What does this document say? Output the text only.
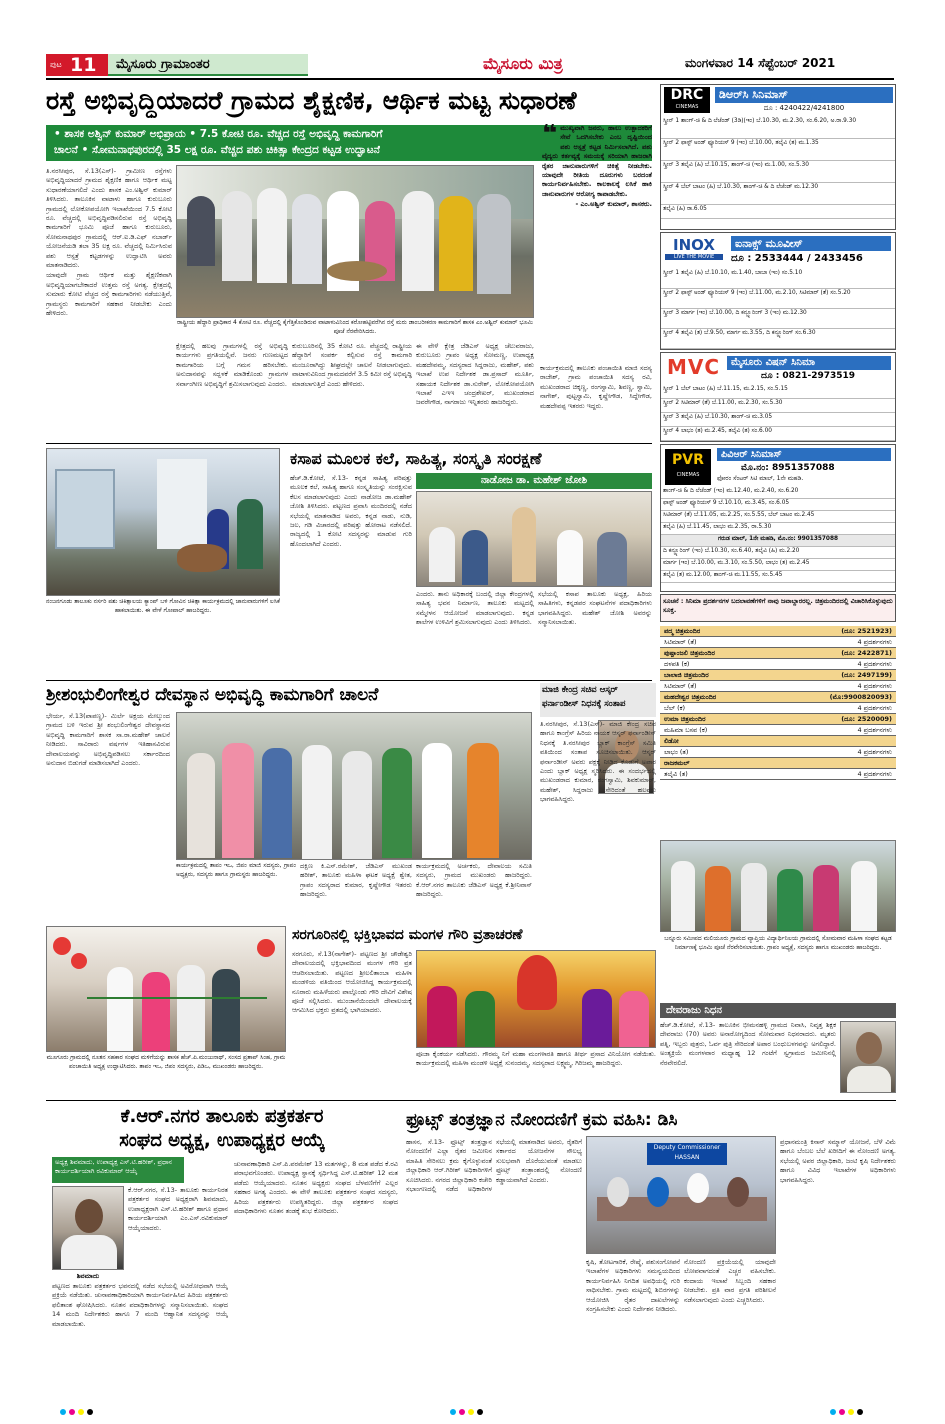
ಪುಟ 11 ಮೈಸೂರು ಗ್ರಾಮಾಂತರ	ಮೈಸೂರು ಮಿತ್ರ	ಮಂಗಳವಾರ 14 ಸೆಪ್ಟೆಂಬರ್ 2021
ರಸ್ತೆ ಅಭಿವೃದ್ಧಿಯಾದರೆ ಗ್ರಾಮದ ಶೈಕ್ಷಣಿಕ, ಆರ್ಥಿಕ ಮಟ್ಟ ಸುಧಾರಣೆ
• ಶಾಸಕ ಅಶ್ವಿನ್ ಕುಮಾರ್ ಅಭಿಪ್ರಾಯ • 7.5 ಕೋಟಿ ರೂ. ವೆಚ್ಚದ ರಸ್ತೆ ಅಭಿವೃದ್ಧಿ ಕಾಮಗಾರಿಗೆ
ಚಾಲನೆ • ಸೋಮನಾಥಪುರದಲ್ಲಿ 35 ಲಕ್ಷ ರೂ. ವೆಚ್ಚದ ಪಶು ಚಿಕಿತ್ಸಾ ಕೇಂದ್ರದ ಕಟ್ಟಡ ಉದ್ಘಾಟನೆ

ತಿ.ನರಸೀಪುರ, ಸೆ.13(ಎಸ್)- ಗ್ರಾಮೀಣ ರಸ್ತೆಗಳು ಅಭಿವೃದ್ಧಿಯಾದರೆ ಗ್ರಾಮದ ಶೈಕ್ಷಣಿಕ ಹಾಗೂ ಆರ್ಥಿಕ ಮಟ್ಟ ಸುಧಾರಣೆಯಾಗಲಿದೆ ಎಂದು ಶಾಸಕ ಎಂ.ಅಶ್ವಿನ್ ಕುಮಾರ್ ತಿಳಿಸಿದರು. ತಾಲೂಕಿನ ವಾಟಾಳು ಹಾಗೂ ಕುರುಬೂರು ಗ್ರಾಮದಲ್ಲಿ ಲೋಕೋಪಯೋಗಿ ಇಲಾಖೆಯಿಂದ 7.5 ಕೋಟಿ ರೂ. ವೆಚ್ಚದಲ್ಲಿ ಅಭಿವೃದ್ಧಿಪಡಿಸಲಿರುವ ರಸ್ತೆ ಅಭಿವೃದ್ಧಿ ಕಾಮಗಾರಿಗೆ ಭೂಮಿ ಪೂಜೆ ಹಾಗೂ ಕುರುಬೂರು, ಸೋಮನಾಥಪುರ ಗ್ರಾಮದಲ್ಲಿ ಆರ್.ಐ.ಡಿ.ಎಫ್ ನಬಾರ್ಡ್ ಯೋಜನೆಯಡಿ ತಲಾ 35 ಲಕ್ಷ ರೂ. ವೆಚ್ಚದಲ್ಲಿ ನಿರ್ಮಿಸಿರುವ ಪಶು ಆಸ್ಪತ್ರೆ ಕಟ್ಟಡಗಳನ್ನು ಉದ್ಘಾಟಿಸಿ ಅವರು ಮಾತನಾಡಿದರು.

ಯಾವುದೇ ಗ್ರಾಮ ಆರ್ಥಿಕ ಮತ್ತು ಶೈಕ್ಷಣಿಕವಾಗಿ ಅಭಿವೃದ್ಧಿಯಾಗಬೇಕಾದರೆ ಉತ್ತಮ ರಸ್ತೆ ಅಗತ್ಯ. ಕ್ಷೇತ್ರದಲ್ಲಿ ಸುಮಾರು ಕೋಟಿ ವೆಚ್ಚದ ರಸ್ತೆ ಕಾಮಗಾರಿಗಳು ನಡೆಯುತ್ತಿವೆ, ಗ್ರಾಮಸ್ಥರು ಕಾಮಗಾರಿಗೆ ಸಹಕಾರ ನೀಡಬೇಕು ಎಂದು ಹೇಳಿದರು.

ರಾಷ್ಟ್ರೀಯ ಹೆದ್ದಾರಿ ಪ್ರಾಧಿಕಾರ 4 ಕೋಟಿ ರೂ. ವೆಚ್ಚದಲ್ಲಿ ಕೈಗೆತ್ತಿಕೊಂಡಿರುವ ವಾಟಾಳುವಿನಿಂದ ಕರೋಹಟ್ಟಿವರೆಗಿನ ರಸ್ತೆ ಮರು ಡಾಂಬರೀಕರಣ ಕಾಮಗಾರಿಗೆ ಶಾಸಕ ಎಂ.ಅಶ್ವಿನ್ ಕುಮಾರ್ ಭೂಮಿ ಪೂಜೆ ನೆರವೇರಿಸಿದರು.
❝ ಮುಖ್ಯವಾಗಿ ಜನರು, ಹಾಲು ಉತ್ಪಾದಕರಿಗೆ ಸೇವೆ ಒದಗಿಸಬೇಕು ಎಂಬ ದೃಷ್ಟಿಯಿಂದ ಪಶು ಆಸ್ಪತ್ರೆ ಕಟ್ಟಡ ನಿರ್ಮಿಸಲಾಗಿದೆ. ಪಶು ವೈದ್ಯರು ಕರ್ತವ್ಯಕ್ಕೆ ಸಮಯಕ್ಕೆ ಸರಿಯಾಗಿ ಹಾಜರಾಗಿ ರೈತರ ಜಾನುವಾರುಗಳಿಗೆ ಚಿಕಿತ್ಸೆ ನೀಡಬೇಕು. ಯಾವುದೇ ರೀತಿಯ ದೂರುಗಳು ಬರದಂತೆ ಕಾರ್ಯನಿರ್ವಹಿಸಬೇಕು. ಕಾಲಕಾಲಕ್ಕೆ ಲಸಿಕೆ ಹಾಕಿ ಜಾನುವಾರುಗಳ ಆರೋಗ್ಯ ಕಾಪಾಡಬೇಕು.

- ಎಂ.ಅಶ್ವಿನ್ ಕುಮಾರ್, ಶಾಸಕರು.

ಕ್ಷೇತ್ರದಲ್ಲಿ ಹಲವು ಗ್ರಾಮಗಳಲ್ಲಿ ರಸ್ತೆ ಅಭಿವೃದ್ಧಿ ಕಾರ್ಯಗಳು ಪ್ರಗತಿಯಲ್ಲಿವೆ. ಜನರು ಗುಣಮಟ್ಟದ ಕಾಮಗಾರಿಯ ಬಗ್ಗೆ ಗಮನ ಹರಿಸಬೇಕು. ಅನುದಾನವನ್ನು ಸದ್ಬಳಕೆ ಮಾಡಿಕೊಂಡು ಗ್ರಾಮಗಳ ಸರ್ವಾಂಗೀಣ ಅಭಿವೃದ್ಧಿಗೆ ಶ್ರಮಿಸಲಾಗುವುದು ಎಂದರು.
ಕುರುಬೂರಿನಲ್ಲಿ 35 ಕೋಟಿ ರೂ. ವೆಚ್ಚದಲ್ಲಿ ರಾಷ್ಟ್ರೀಯ ಹೆದ್ದಾರಿಗೆ ಸಂಪರ್ಕ ಕಲ್ಪಿಸುವ ರಸ್ತೆ ಕಾಮಗಾರಿ ಮಂಜೂರಾಗಿದ್ದು ಶೀಘ್ರದಲ್ಲೇ ಚಾಲನೆ ನೀಡಲಾಗುವುದು. ವಾಟಾಳುವಿನಿಂದ ಗ್ರಾಮದವರೆಗೆ 3.5 ಕಿಮೀ ರಸ್ತೆ ಅಭಿವೃದ್ಧಿ ಮಾಡಲಾಗುತ್ತಿದೆ ಎಂದು ಹೇಳಿದರು.
ಈ ವೇಳೆ ಕ್ಷೇತ್ರ ಜೆಡಿಎಸ್ ಅಧ್ಯಕ್ಷ ಚೆಲುವರಾಜು, ಕುರುಬೂರು ಗ್ರಾಪಂ ಅಧ್ಯಕ್ಷ ಸೋಮಣ್ಣ, ಉಪಾಧ್ಯಕ್ಷ ಮಹದೇವಮ್ಮ, ಸದಸ್ಯರಾದ ಸಿದ್ದರಾಜು, ಮಹೇಶ್, ಪಶು ಇಲಾಖೆ ಉಪ ನಿರ್ದೇಶಕ ಡಾ.ಪ್ರಸಾದ್ ಮೂರ್ತಿ, ಸಹಾಯಕ ನಿರ್ದೇಶಕ ಡಾ.ಸುರೇಶ್, ಲೋಕೋಪಯೋಗಿ ಇಲಾಖೆ ಎಇಇ ಚಂದ್ರಶೇಖರ್, ಮುಖಂಡರಾದ ಜವರೇಗೌಡ, ನಾಗರಾಜು ಇನ್ನಿತರರು ಹಾಜರಿದ್ದರು.
ಕಾರ್ಯಕ್ರಮದಲ್ಲಿ ತಾಲೂಕು ಪಂಚಾಯಿತಿ ಮಾಜಿ ಸದಸ್ಯ ರಾಜೇಶ್, ಗ್ರಾಮ ಪಂಚಾಯಿತಿ ಸದಸ್ಯ ರವಿ, ಮುಖಂಡರಾದ ಚಿಕ್ಕಣ್ಣ, ರಂಗಸ್ವಾಮಿ, ಶಿವಣ್ಣ, ಸ್ವಾಮಿ, ನಾಗೇಶ್, ಪುಟ್ಟಸ್ವಾಮಿ, ಕೃಷ್ಣೇಗೌಡ, ಸಿದ್ದೇಗೌಡ, ಮಹದೇವಪ್ಪ ಇತರರು ಇದ್ದರು.
DRC
CINEMAS
ಡಿಆರ್‌ಸಿ ಸಿನಿಮಾಸ್
ದೂ : 4240422/4241800
ಸ್ಕ್ರೀನ್ 1 ಶಾಂಗ್-ಚಿ & ದಿ ಲೆಜೆಂಡ್ (3ಡಿ)(ಇಂ) ಬೆ.10.30, ಮ.2.30, ಸಂ.6.20, ಅ.ರಾ.9.30
ಸ್ಕ್ರೀನ್ 2 ಫಾಸ್ಟ್ ಅಂಡ್ ಫ್ಯೂರಿಯಸ್ 9 (ಇಂ) ಬೆ.10.00, ತಲೈವಿ (ತ) ಮ.1.35
ಸ್ಕ್ರೀನ್ 3 ತಲೈವಿ (ಹಿ) ಬೆ.10.15, ಶಾಂಗ್-ಚಿ (ಇಂ) ಮ.1.00, ಸಂ.5.30
ಸ್ಕ್ರೀನ್ 4 ಬೆಲ್ ಬಾಟಂ (ಹಿ) ಬೆ.10.30, ಶಾಂಗ್-ಚಿ & ದಿ ಲೆಜೆಂಡ್ ಮ.12.30
ತಲೈವಿ (ಹಿ) ರಾ.6.05
INOX
LIVE THE MOVIE
ಐನಾಕ್ಸ್ ಮೂವೀಸ್
ದೂ : 2533444 / 2433456
ಸ್ಕ್ರೀನ್ 1 ತಲೈವಿ (ಹಿ) ಬೆ.10.10, ಮ.1.40, ಬಾಬಾ (ಇಂ) ಸಂ.5.10
ಸ್ಕ್ರೀನ್ 2 ಫಾಸ್ಟ್ ಅಂಡ್ ಫ್ಯೂರಿಯಸ್ 9 (ಇಂ) ಬೆ.11.00, ಮ.2.10, ಸಿಟಿಮಾರ್ (ತೆ) ಸಂ.5.20
ಸ್ಕ್ರೀನ್ 3 ಮಾರ್ಗ (ಇಂ) ಬೆ.10.00, ದಿ ಕನ್ಜ್ಯೂರಿಂಗ್ 3 (ಇಂ) ಮ.12.30
ಸ್ಕ್ರೀನ್ 4 ತಲೈವಿ (ತ) ಬೆ.9.50, ಮಾರ್ಗ ಮ.3.55, ದಿ ಕನ್ಜ್ಯೂರಿಂಗ್ ಸಂ.6.30
MVC	ಮೈಸೂರು ವಿಷನ್ ಸಿನಿಮಾ
ದೂ : 0821-2973519
ಸ್ಕ್ರೀನ್ 1 ಬೆಲ್ ಬಾಟಂ (ಹಿ) ಬೆ.11.15, ಮ.2.15, ಸಂ.5.15
ಸ್ಕ್ರೀನ್ 2 ಸಿಟಿಮಾರ್ (ತೆ) ಬೆ.11.00, ಮ.2.30, ಸಂ.5.30
ಸ್ಕ್ರೀನ್ 3 ತಲೈವಿ (ಹಿ) ಬೆ.10.30, ಶಾಂಗ್-ಚಿ ಮ.3.05
ಸ್ಕ್ರೀನ್ 4 ಲಾಭಂ (ತ) ಮ.2.45, ತಲೈವಿ (ತ) ಸಂ.6.00
PVR
CINEMAS
ಪಿವಿಆರ್ ಸಿನಿಮಾಸ್
ಮೊ.ನಂ: 8951357088
ಫೋರಂ ಸೆಂಟರ್ ಸಿಟಿ ಮಾಲ್, 1ನೇ ಮಹಡಿ.
ಶಾಂಗ್-ಚಿ & ದಿ ಲೆಜೆಂಡ್ (ಇಂ) ಮ.12.40, ಮ.2.40, ಸಂ.6.20
ಫಾಸ್ಟ್ ಅಂಡ್ ಫ್ಯೂರಿಯಸ್ 9 ಬೆ.10.10, ಮ.3.45, ಸಂ.6.05
ಸಿಟಿಮಾರ್ (ತೆ) ಬೆ.11.05, ಮ.2.25, ಸಂ.5.55, ಬೆಲ್ ಬಾಟಂ ಮ.2.45
ತಲೈವಿ (ಹಿ) ಬೆ.11.45, ಲಾಭಂ ಮ.2.35, ರಾ.5.30
ಗರುಡ ಮಾಲ್, 1ನೇ ಮಹಡಿ, ಮೊ.ನಂ: 9901357088
ದಿ ಕನ್ಜ್ಯೂರಿಂಗ್ (ಇಂ) ಬೆ.10.30, ಸಂ.6.40, ತಲೈವಿ (ಹಿ) ಮ.2.20
ಮಾರ್ಗ (ಇಂ) ಬೆ.10.00, ಮ.3.10, ಸಂ.5.50, ಲಾಭಂ (ತ) ಮ.2.45
ತಲೈವಿ (ತ) ಮ.12.00, ಶಾಂಗ್-ಚಿ ಮ.11.55, ಸಂ.5.45
ಸೂಚನೆ : ಸಿನಿಮಾ ಪ್ರದರ್ಶನಗಳ ಬದಲಾವಣೆಗಳಿಗೆ ನಾವು ಜವಾಬ್ದಾರರಲ್ಲ. ಚಿತ್ರಮಂದಿರದಲ್ಲಿ ವಿಚಾರಿಸಿಕೊಳ್ಳುವುದು ಸೂಕ್ತ.
ಪದ್ಮ ಚಿತ್ರಮಂದಿರ	(ದೂ: 2521923)
ಸಿಟಿಮಾರ್ (ತೆ)	4 ಪ್ರದರ್ಶನಗಳು
ಪುಷ್ಪಾಂಜಲಿ ಚಿತ್ರಮಂದಿರ	(ದೂ: 2422871)
ದಳಪತಿ (ಕ)	4 ಪ್ರದರ್ಶನಗಳು
ಬಾಲಾಜಿ ಚಿತ್ರಮಂದಿರ	(ದೂ: 2497199)
ಸಿಟಿಮಾರ್ (ತೆ)	4 ಪ್ರದರ್ಶನಗಳು
ಮಹದೇಶ್ವರ ಚಿತ್ರಮಂದಿರ	(ಮೊ:9900820093)
ಬೆಲ್ (ಕ)	4 ಪ್ರದರ್ಶನಗಳು
ಉಮಾ ಚಿತ್ರಮಂದಿರ	(ದೂ: 2520009)
ಮಹಿಮಾ ಬಸವ (ಕ)	4 ಪ್ರದರ್ಶನಗಳು
ಲಿಡೋ
ಲಾಭಂ (ತ)	4 ಪ್ರದರ್ಶನಗಳು
ರಾಜಕಮಲ್
ತಲೈವಿ (ತ)	4 ಪ್ರದರ್ಶನಗಳು
ನಂಜನಗೂಡು ತಾಲೂಕು ನರ್ಸರಿ ಪಶು ಚಿಕಿತ್ಸಾಲಯ ಕ್ಯಾಂಪ್ ಬಳಿ ಗೋವಿನ ಚಿಕಿತ್ಸಾ ಕಾರ್ಯಕ್ರಮದಲ್ಲಿ ಜಾನುವಾರುಗಳಿಗೆ ಲಸಿಕೆ ಹಾಕಲಾಯಿತು. ಈ ವೇಳೆ ಗೋಪಾಲ್ ಹಾಜರಿದ್ದರು.
ಕಸಾಪ ಮೂಲಕ ಕಲೆ, ಸಾಹಿತ್ಯ, ಸಂಸ್ಕೃತಿ ಸಂರಕ್ಷಣೆ
ಹೆಚ್.ಡಿ.ಕೋಟೆ, ಸೆ.13- ಕನ್ನಡ ಸಾಹಿತ್ಯ ಪರಿಷತ್ತು ಮೂಲಕ ಕಲೆ, ಸಾಹಿತ್ಯ ಹಾಗೂ ಸಂಸ್ಕೃತಿಯನ್ನು ಸಂರಕ್ಷಿಸುವ ಕೆಲಸ ಮಾಡಲಾಗುವುದು ಎಂದು ನಾಡೋಜ ಡಾ.ಮಹೇಶ್ ಜೋಶಿ ತಿಳಿಸಿದರು. ಪಟ್ಟಣದ ಪ್ರವಾಸಿ ಮಂದಿರದಲ್ಲಿ ನಡೆದ ಸಭೆಯಲ್ಲಿ ಮಾತನಾಡಿದ ಅವರು, ಕನ್ನಡ ನಾಡು, ನುಡಿ, ಜಲ, ಗಡಿ ವಿಚಾರದಲ್ಲಿ ಪರಿಷತ್ತು ಹೋರಾಟ ನಡೆಸಲಿದೆ. ರಾಜ್ಯದಲ್ಲಿ 1 ಕೋಟಿ ಸದಸ್ಯರನ್ನು ಮಾಡುವ ಗುರಿ ಹೊಂದಲಾಗಿದೆ ಎಂದರು.
ನಾಡೋಜ ಡಾ. ಮಹೇಶ್ ಜೋಶಿ
ಎಂದರು. ತಾನು ಅಧಿಕಾರಕ್ಕೆ ಬಂದಲ್ಲಿ ಜಿಲ್ಲಾ ಕೇಂದ್ರಗಳಲ್ಲಿ ಸಾಹಿತ್ಯ ಭವನ ನಿರ್ಮಾಣ, ತಾಲೂಕು ಮಟ್ಟದಲ್ಲಿ ಸಮ್ಮೇಳನ ಆಯೋಜನೆ ಮಾಡಲಾಗುವುದು. ಕನ್ನಡ ಶಾಲೆಗಳ ಉಳಿವಿಗೆ ಶ್ರಮಿಸಲಾಗುವುದು ಎಂದು ತಿಳಿಸಿದರು.
ಸಭೆಯಲ್ಲಿ ಕಸಾಪ ತಾಲೂಕು ಅಧ್ಯಕ್ಷ, ಹಿರಿಯ ಸಾಹಿತಿಗಳು, ಕನ್ನಡಪರ ಸಂಘಟನೆಗಳ ಪದಾಧಿಕಾರಿಗಳು ಭಾಗವಹಿಸಿದ್ದರು. ಮಹೇಶ್ ಜೋಶಿ ಅವರನ್ನು ಸನ್ಮಾನಿಸಲಾಯಿತು.
ಶ್ರೀಶಂಭುಲಿಂಗೇಶ್ವರ ದೇವಸ್ಥಾನ ಅಭಿವೃದ್ಧಿ ಕಾಮಗಾರಿಗೆ ಚಾಲನೆ
ಭೇರ್ಯ, ಸೆ.13(ಪಾಪಣ್ಣ)- ಮಿರ್ಲೆ ಅಕ್ಷಯ ಮೇಲ್ಕುಂದ ಗ್ರಾಮದ ಬಳಿ ಇರುವ ಶ್ರೀ ಶಂಭುಲಿಂಗೇಶ್ವರ ದೇವಸ್ಥಾನದ ಅಭಿವೃದ್ಧಿ ಕಾಮಗಾರಿಗೆ ಶಾಸಕ ಸಾ.ರಾ.ಮಹೇಶ್ ಚಾಲನೆ ನೀಡಿದರು. ಸಾವಿರಾರು ವರ್ಷಗಳ ಇತಿಹಾಸವಿರುವ ದೇವಾಲಯವನ್ನು ಅಭಿವೃದ್ಧಿಪಡಿಸಲು ಸರ್ಕಾರದಿಂದ ಅನುದಾನ ಬಿಡುಗಡೆ ಮಾಡಿಸಲಾಗಿದೆ ಎಂದರು.
ಕಾರ್ಯಕ್ರಮದಲ್ಲಿ ತಾಪಂ ಇಒ, ಜಿಪಂ ಮಾಜಿ ಸದಸ್ಯರು, ಗ್ರಾಪಂ ಅಧ್ಯಕ್ಷರು, ಸದಸ್ಯರು ಹಾಗೂ ಗ್ರಾಮಸ್ಥರು ಹಾಜರಿದ್ದರು.
ದಕ್ಷಿಣ ಕಿ.ಎಸ್.ರಮೇಶ್, ಜೆಡಿಎಸ್ ಮುಖಂಡ ಹರೀಶ್, ತಾಲೂಕು ಮಹಿಳಾ ಘಟಕ ಅಧ್ಯಕ್ಷೆ ಶ್ವೇತ, ಗ್ರಾಪಂ ಸದಸ್ಯರಾದ ಕುಮಾರ, ಕೃಷ್ಣೇಗೌಡ ಇತರರು ಹಾಜರಿದ್ದರು.
ಕಾರ್ಯಕ್ರಮದಲ್ಲಿ ಅರ್ಚಕರು, ದೇವಾಲಯ ಸಮಿತಿ ಸದಸ್ಯರು, ಗ್ರಾಮದ ಮುಖಂಡರು ಹಾಜರಿದ್ದರು. ಕೆ.ಆರ್.ನಗರ ತಾಲೂಕು ಜೆಡಿಎಸ್ ಅಧ್ಯಕ್ಷ ಕೆ.ಶ್ರೀನಿವಾಸ್ ಹಾಜರಿದ್ದರು.
ಮಾಜಿ ಕೇಂದ್ರ ಸಚಿವ ಆಸ್ಕರ್
ಫರ್ನಾಂಡೀಸ್ ನಿಧನಕ್ಕೆ ಸಂತಾಪ
ತಿ.ನರಸೀಪುರ, ಸೆ.13(ಎಸ್)- ಮಾಜಿ ಕೇಂದ್ರ ಸಚಿವ ಹಾಗೂ ಕಾಂಗ್ರೆಸ್ ಹಿರಿಯ ನಾಯಕ ಆಸ್ಕರ್ ಫರ್ನಾಂಡೀಸ್ ನಿಧನಕ್ಕೆ ತಿ.ನರಸೀಪುರ ಬ್ಲಾಕ್ ಕಾಂಗ್ರೆಸ್ ಸಮಿತಿ ವತಿಯಿಂದ ಸಂತಾಪ ಸೂಚಿಸಲಾಯಿತು. ಆಸ್ಕರ್ ಫರ್ನಾಂಡೀಸ್ ಅವರು ಪಕ್ಷಕ್ಕೆ ನೀಡಿದ ಕೊಡುಗೆ ಅಪಾರ ಎಂದು ಬ್ಲಾಕ್ ಅಧ್ಯಕ್ಷ ಸ್ಮರಿಸಿದರು. ಈ ಸಂದರ್ಭದಲ್ಲಿ ಮುಖಂಡರಾದ ಕುಮಾರ, ರಂಗಸ್ವಾಮಿ, ಶಿವಕುಮಾರ್, ಮಹೇಶ್, ಸಿದ್ದರಾಜು ಸೇರಿದಂತೆ ಹಲವರು ಭಾಗವಹಿಸಿದ್ದರು.
ಬನ್ನೂರು ಸಮೀಪದ ಮಲಿಯೂರು ಗ್ರಾಮದ ವ್ಯಾಪ್ತಿಯ ವಿದ್ಯಾರ್ಥಿನಿಲಯ ಗ್ರಾಮದಲ್ಲಿ ಸೋಮವಾರ ಮಹಿಳಾ ಸಂಘದ ಕಟ್ಟಡ ನಿರ್ಮಾಣಕ್ಕೆ ಭೂಮಿ ಪೂಜೆ ನೆರವೇರಿಸಲಾಯಿತು. ಗ್ರಾಪಂ ಅಧ್ಯಕ್ಷೆ, ಸದಸ್ಯರು ಹಾಗೂ ಮುಖಂಡರು ಹಾಜರಿದ್ದರು.
ದೇವರಾಜು ನಿಧನ
ಹೆಚ್.ಡಿ.ಕೋಟೆ, ಸೆ.13- ತಾಲೂಕಿನ ಭೀಮನಹಳ್ಳಿ ಗ್ರಾಮದ ನಿವಾಸಿ, ನಿವೃತ್ತ ಶಿಕ್ಷಕ ದೇವರಾಜು (70) ಅವರು ಅನಾರೋಗ್ಯದಿಂದ ಸೋಮವಾರ ನಿಧನರಾದರು. ಮೃತರು ಪತ್ನಿ, ಇಬ್ಬರು ಪುತ್ರರು, ಓರ್ವ ಪುತ್ರಿ ಸೇರಿದಂತೆ ಅಪಾರ ಬಂಧುಬಳಗವನ್ನು ಅಗಲಿದ್ದಾರೆ. ಅಂತ್ಯಕ್ರಿಯೆ ಮಂಗಳವಾರ ಮಧ್ಯಾಹ್ನ 12 ಗಂಟೆಗೆ ಸ್ವಗ್ರಾಮದ ಜಮೀನಿನಲ್ಲಿ ನೆರವೇರಲಿದೆ.
ಸರಗೂರಿನಲ್ಲಿ ಭಕ್ತಿಭಾವದ ಮಂಗಳ ಗೌರಿ ವ್ರತಾಚರಣೆ
ಸರಗೂರು, ಸೆ.13(ನಾಗೇಶ್)- ಪಟ್ಟಣದ ಶ್ರೀ ಚೌಡೇಶ್ವರಿ ದೇವಾಲಯದಲ್ಲಿ ಭಕ್ತಿಭಾವದಿಂದ ಮಂಗಳ ಗೌರಿ ವ್ರತ ಆಚರಿಸಲಾಯಿತು. ಪಟ್ಟಣದ ಶ್ರೀಲಲಿತಾಂಬಾ ಮಹಿಳಾ ಮಂಡಳಿಯ ವತಿಯಿಂದ ಆಯೋಜಿಸಿದ್ದ ಕಾರ್ಯಕ್ರಮದಲ್ಲಿ ನೂರಾರು ಮಹಿಳೆಯರು ಪಾಲ್ಗೊಂಡು ಗೌರಿ ದೇವಿಗೆ ವಿಶೇಷ ಪೂಜೆ ಸಲ್ಲಿಸಿದರು. ಮುಂಜಾನೆಯಿಂದಲೇ ದೇವಾಲಯಕ್ಕೆ ಆಗಮಿಸಿದ ಭಕ್ತರು ವ್ರತದಲ್ಲಿ ಭಾಗಿಯಾದರು.
ಪೂಜಾ ಕೈಂಕರ್ಯ ನಡೆಸಿದರು. ಗೌರಮ್ಮ ನಿಗೆ ಮಹಾ ಮಂಗಳಾರತಿ ಹಾಗೂ ತೀರ್ಥ ಪ್ರಸಾದ ವಿನಿಯೋಗ ನಡೆಯಿತು. ಕಾರ್ಯಕ್ರಮದಲ್ಲಿ ಮಹಿಳಾ ಮಂಡಳಿ ಅಧ್ಯಕ್ಷೆ ಸುನಂದಮ್ಮ, ಸದಸ್ಯರಾದ ಲಕ್ಷ್ಮಮ್ಮ, ಗಿರಿಜಮ್ಮ ಹಾಜರಿದ್ದರು.
ಮೂಗೂರು ಗ್ರಾಮದಲ್ಲಿ ನೂತನ ಸಹಕಾರ ಸಂಘದ ಮಳಿಗೆಯನ್ನು ಶಾಸಕ ಹೆಚ್.ಪಿ.ಮಂಜುನಾಥ್, ಸಂಸದ ಪ್ರತಾಪ್ ಸಿಂಹ, ಗ್ರಾಮ ಪಂಚಾಯಿತಿ ಅಧ್ಯಕ್ಷ ಉದ್ಘಾಟಿಸಿದರು. ತಾಪಂ ಇಒ, ಜಿಪಂ ಸದಸ್ಯರು, ಪಿಡಿಒ, ಮುಖಂಡರು ಹಾಜರಿದ್ದರು.
ಕೆ.ಆರ್.ನಗರ ತಾಲೂಕು ಪತ್ರಕರ್ತರ
ಸಂಘದ ಅಧ್ಯಕ್ಷ, ಉಪಾಧ್ಯಕ್ಷರ ಆಯ್ಕೆ
ಅಧ್ಯಕ್ಷ ಶಿವಮಾದು, ಉಪಾಧ್ಯಕ್ಷ ಎಸ್.ಟಿ.ಹರೀಶ್, ಪ್ರಧಾನ ಕಾರ್ಯದರ್ಶಿಯಾಗಿ ರವಿಕುಮಾರ್ ಆಯ್ಕೆ
ಶಿವಮಾದು
ಕೆ.ಆರ್.ನಗರ, ಸೆ.13- ತಾಲೂಕು ಕಾರ್ಯನಿರತ ಪತ್ರಕರ್ತರ ಸಂಘದ ಅಧ್ಯಕ್ಷರಾಗಿ ಶಿವಮಾದು, ಉಪಾಧ್ಯಕ್ಷರಾಗಿ ಎಸ್.ಟಿ.ಹರೀಶ್ ಹಾಗೂ ಪ್ರಧಾನ ಕಾರ್ಯದರ್ಶಿಯಾಗಿ ಎಂ.ಎಸ್.ರವಿಕುಮಾರ್ ಆಯ್ಕೆಯಾದರು.
ಪಟ್ಟಣದ ತಾಲೂಕು ಪತ್ರಕರ್ತರ ಭವನದಲ್ಲಿ ನಡೆದ ಸಭೆಯಲ್ಲಿ ಅವಿರೋಧವಾಗಿ ಆಯ್ಕೆ ಪ್ರಕ್ರಿಯೆ ನಡೆಯಿತು. ಚುನಾವಣಾಧಿಕಾರಿಯಾಗಿ ಕಾರ್ಯನಿರ್ವಹಿಸಿದ ಹಿರಿಯ ಪತ್ರಕರ್ತರು ಫಲಿತಾಂಶ ಘೋಷಿಸಿದರು. ನೂತನ ಪದಾಧಿಕಾರಿಗಳನ್ನು ಸನ್ಮಾನಿಸಲಾಯಿತು. ಸಂಘದ 14 ಮಂದಿ ನಿರ್ದೇಶಕರು ಹಾಗೂ 7 ಮಂದಿ ಆಹ್ವಾನಿತ ಸದಸ್ಯರನ್ನು ಆಯ್ಕೆ ಮಾಡಲಾಯಿತು.
ಚುನಾವಣಾಧಿಕಾರಿ ಎಸ್.ಪಿ.ಪರಮೇಶ್ 13 ಮತಗಳನ್ನು, 8 ಮತ ಪಡೆದ ಕೆ.ರವಿ ಪರಾಭವಗೊಂಡರು. ಉಪಾಧ್ಯಕ್ಷ ಸ್ಥಾನಕ್ಕೆ ಸ್ಪರ್ಧಿಸಿದ್ದ ಎಸ್.ಟಿ.ಹರೀಶ್ 12 ಮತ ಪಡೆದು ಆಯ್ಕೆಯಾದರು. ನೂತನ ಅಧ್ಯಕ್ಷರು ಸಂಘದ ಬೆಳವಣಿಗೆಗೆ ಎಲ್ಲರ ಸಹಕಾರ ಅಗತ್ಯ ಎಂದರು. ಈ ವೇಳೆ ತಾಲೂಕು ಪತ್ರಕರ್ತರ ಸಂಘದ ಸದಸ್ಯರು, ಹಿರಿಯ ಪತ್ರಕರ್ತರು ಉಪಸ್ಥಿತರಿದ್ದರು. ಜಿಲ್ಲಾ ಪತ್ರಕರ್ತರ ಸಂಘದ ಪದಾಧಿಕಾರಿಗಳು ನೂತನ ತಂಡಕ್ಕೆ ಶುಭ ಕೋರಿದರು.
ಫ್ರೂಟ್ಸ್ ತಂತ್ರಜ್ಞಾನ ನೋಂದಣಿಗೆ ಕ್ರಮ ವಹಿಸಿ: ಡಿಸಿ
ಹಾಸನ, ಸೆ.13- ಫ್ರೂಟ್ಸ್ ತಂತ್ರಜ್ಞಾನ ನೋಂದಣಿಗೆ ಎಲ್ಲಾ ರೈತರ ಜಮೀನಿನ ಮಾಹಿತಿ ಸೇರಿಸಲು ಕ್ರಮ ಕೈಗೊಳ್ಳುವಂತೆ ಜಿಲ್ಲಾಧಿಕಾರಿ ಆರ್.ಗಿರೀಶ್ ಅಧಿಕಾರಿಗಳಿಗೆ ಸೂಚಿಸಿದರು. ನಗರದ ಜಿಲ್ಲಾಧಿಕಾರಿ ಕಚೇರಿ ಸಭಾಂಗಣದಲ್ಲಿ ನಡೆದ ಅಧಿಕಾರಿಗಳ ಸಭೆಯಲ್ಲಿ ಮಾತನಾಡಿದ ಅವರು, ರೈತರಿಗೆ ಸರ್ಕಾರದ ಯೋಜನೆಗಳ ಸೌಲಭ್ಯ ಸುಲಭವಾಗಿ ದೊರೆಯುವಂತೆ ಮಾಡಲು ಫ್ರೂಟ್ಸ್ ತಂತ್ರಾಂಶದಲ್ಲಿ ನೋಂದಣಿ ಕಡ್ಡಾಯವಾಗಿದೆ ಎಂದರು.
Deputy Commissioner
HASSAN
ಕೃಷಿ, ತೋಟಗಾರಿಕೆ, ರೇಷ್ಮೆ, ಪಶುಸಂಗೋಪನೆ ಇಲಾಖೆಗಳ ಅಧಿಕಾರಿಗಳು ಸಮನ್ವಯದಿಂದ ಕಾರ್ಯನಿರ್ವಹಿಸಿ ನಿಗದಿತ ಅವಧಿಯಲ್ಲಿ ಗುರಿ ಸಾಧಿಸಬೇಕು. ಗ್ರಾಮ ಮಟ್ಟದಲ್ಲಿ ಶಿಬಿರಗಳನ್ನು ಆಯೋಜಿಸಿ ರೈತರ ದಾಖಲೆಗಳನ್ನು ಸಂಗ್ರಹಿಸಬೇಕು ಎಂದು ನಿರ್ದೇಶನ ನೀಡಿದರು.
ನೋಂದಣಿ ಪ್ರಕ್ರಿಯೆಯಲ್ಲಿ ಯಾವುದೇ ಲೋಪವಾಗದಂತೆ ಎಚ್ಚರ ವಹಿಸಬೇಕು. ಕಂದಾಯ ಇಲಾಖೆ ಸಿಬ್ಬಂದಿ ಸಹಕಾರ ನೀಡಬೇಕು. ಪ್ರತಿ ವಾರ ಪ್ರಗತಿ ಪರಿಶೀಲನೆ ನಡೆಸಲಾಗುವುದು ಎಂದು ಎಚ್ಚರಿಸಿದರು.
ಪ್ರಧಾನಮಂತ್ರಿ ಕಿಸಾನ್ ಸಮ್ಮಾನ್ ಯೋಜನೆ, ಬೆಳೆ ವಿಮೆ ಹಾಗೂ ಬೆಂಬಲ ಬೆಲೆ ಖರೀದಿಗೆ ಈ ನೋಂದಣಿ ಅಗತ್ಯ. ಸಭೆಯಲ್ಲಿ ಅಪರ ಜಿಲ್ಲಾಧಿಕಾರಿ, ಜಂಟಿ ಕೃಷಿ ನಿರ್ದೇಶಕರು ಹಾಗೂ ವಿವಿಧ ಇಲಾಖೆಗಳ ಅಧಿಕಾರಿಗಳು ಭಾಗವಹಿಸಿದ್ದರು.
